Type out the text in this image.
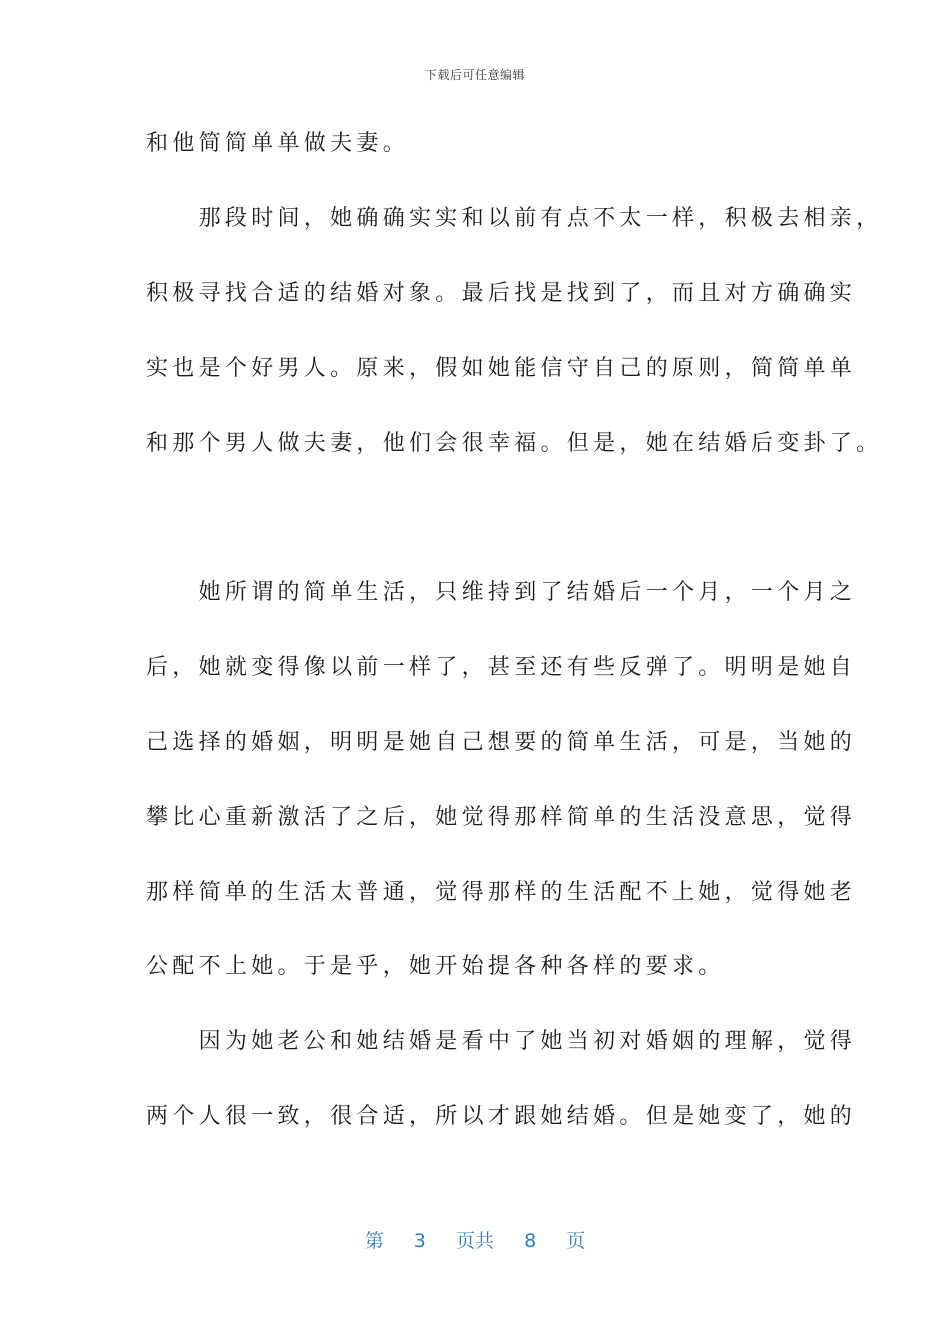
下载后可任意编辑
和他简简单单做夫妻。
　　那段时间，她确确实实和以前有点不太一样，积极去相亲，
积极寻找合适的结婚对象。最后找是找到了，而且对方确确实
实也是个好男人。原来，假如她能信守自己的原则，简简单单
和那个男人做夫妻，他们会很幸福。但是，她在结婚后变卦了。
　　她所谓的简单生活，只维持到了结婚后一个月，一个月之
后，她就变得像以前一样了，甚至还有些反弹了。明明是她自
己选择的婚姻，明明是她自己想要的简单生活，可是，当她的
攀比心重新激活了之后，她觉得那样简单的生活没意思，觉得
那样简单的生活太普通，觉得那样的生活配不上她，觉得她老
公配不上她。于是乎，她开始提各种各样的要求。
　　因为她老公和她结婚是看中了她当初对婚姻的理解，觉得
两个人很一致，很合适，所以才跟她结婚。但是她变了，她的
第 3 页共 8 页
